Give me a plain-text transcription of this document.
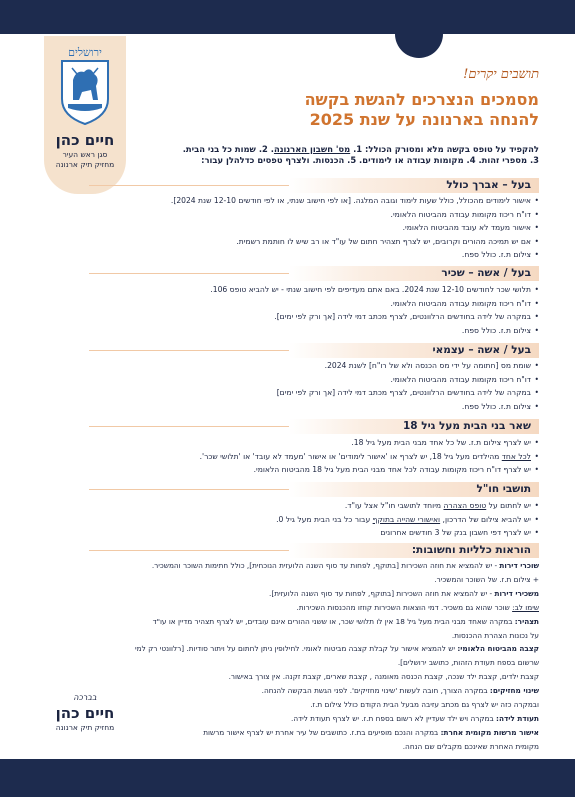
ירושלים
חיים כהן
סגן ראש העיר
מחזיק תיק ארנונה
תושבים יקרים!
מסמכים הנצרכים להגשת בקשה
להנחה בארנונה על שנת 2025
להקפיד על טופס בקשה מלא ומסורק הכולל: 1. מס' חשבון הארנונה. 2. שמות כל בני הבית.
3. מספרי זהות. 4. מקומות עבודה או לימודים. 5. הכנסות. ולצרף טפסים כדלהלן עבור:
בעל – אברך כולל
• אישור לימודים מהכולל, כולל שעות לימוד וגובה המלגה. [או לפי חישוב שנתי, או לפי חודשים 12-10 שנת 2024].
• דו"ח ריכוז מקומות עבודה מהביטוח הלאומי.
• אישור מעמד לא עובד מהביטוח הלאומי.
• אם יש תמיכה מהורים וקרובים, יש לצרף תצהיר חתום של עו"ד או רב שיש לו חותמת רשמית.
• צילום ת.ז. כולל ספח.
בעל / אשה – שכיר
• תלושי שכר לחודשים 12-10 שנת 2024. באם אתם מעדיפים לפי חישוב שנתי - יש להביא טופס 106.
• דו"ח ריכוז מקומות עבודה מהביטוח הלאומי.
• במקרה של לידה בחודשים הרלוונטים, לצרף מכתב דמי לידה [אך ורק לפי ימים].
• צילום ת.ז. כולל ספח.
בעל / אשה – עצמאי
• שומת מס [חתומה על ידי מס הכנסה ולא של רו"ח] לשנת 2024.
• דו"ח ריכוז מקומות עבודה מהביטוח הלאומי.
• במקרה של לידה בחודשים הרלוונטים, לצרף מכתב דמי לידה [אך ורק לפי ימים]
• צילום ת.ז. כולל ספח.
שאר בני הבית מעל גיל 18
• יש לצרף צילום ת.ז. של כל אחד מבני הבית מעל גיל 18.
• לכל אחד מהילדים מעל גיל 18, יש לצרף או 'אישור לימודים' או אישור 'מעמד לא עובד' או 'תלושי שכר'.
• יש לצרף דו"ח ריכוז מקומות עבודה לכל אחד מבני הבית מעל גיל 18 מהביטוח הלאומי.
תושבי חו"ל
• יש לחתום על טופס הצהרה מיוחד לתושבי חו"ל אצל עו"ד.
• יש להביא צילום של הדרכון, ואישורי שהייה בתוקף עבור כל בני הבית מעל גיל 0.
• יש לצרף דפי חשבון בנק של 3 חודשים אחרונים
הוראות כלליות וחשובות:

שוכרי דירות - יש להמציא את חוזה השכירות [בתוקף, לפחות עד סוף השנה הלועזית הנוכחית], כולל חתימות השוכר והמשכיר.

+ צילום ת.ז. של השוכר והמשכיר.

משכירי דירות - יש להמציא את חוזה השכירות [בתוקף, לפחות עד סוף השנה הלועזית].

שימו לב: שוכר שהוא גם משכיר. דמי הוצאות השכירות קוזזו מהכנסות השכירות.

תצהיר: במקרה שאחד מבני הבית מעל גיל 18 אין לו תלושי שכר, או ששני ההורים אינם עובדים, יש לצרף תצהיר מדיין או עו"ד

על נכונות הצהרת ההכנסות.

קצבה מהביטוח הלאומי: יש להמציא אישור על קבלת קצבה מביטוח לאומי. לחילופין ניתן לחתום על ויתור סודיות. [רלוונטי רק למי

שרשום בספח תעודת הזהות, כתושב ירושלים].

קצבת ילדים, קצבת ילד שנכה, קצבת הכנסה מאומנה , קצבת שארים, קצבת זקנה. אין צורך באישור.

שינוי מחזיקים: במקרה הצורך, חובה לעשות 'שינוי מחזיקים'. לפני הגשת הבקשה להנחה.

ובמקרה כזה יש לצרף גם מכתב עזיבה מבעל הבית הקודם כולל צילום ת.ז.

תעודת לידה: במקרה ויש ילד שעדיין לא רשום בספח ת.ז. יש לצרף תעודת לידה.

אישור מרשות מקומית אחרת: במקרה והנכם מופיעים בת.ז. כתושבים של עיר אחרת יש לצרף אישור מרשות

מקומית האחרת שאינכם מקבלים שם הנחה.

בברכה
חיים כהן
מחזיק תיק ארנונה
